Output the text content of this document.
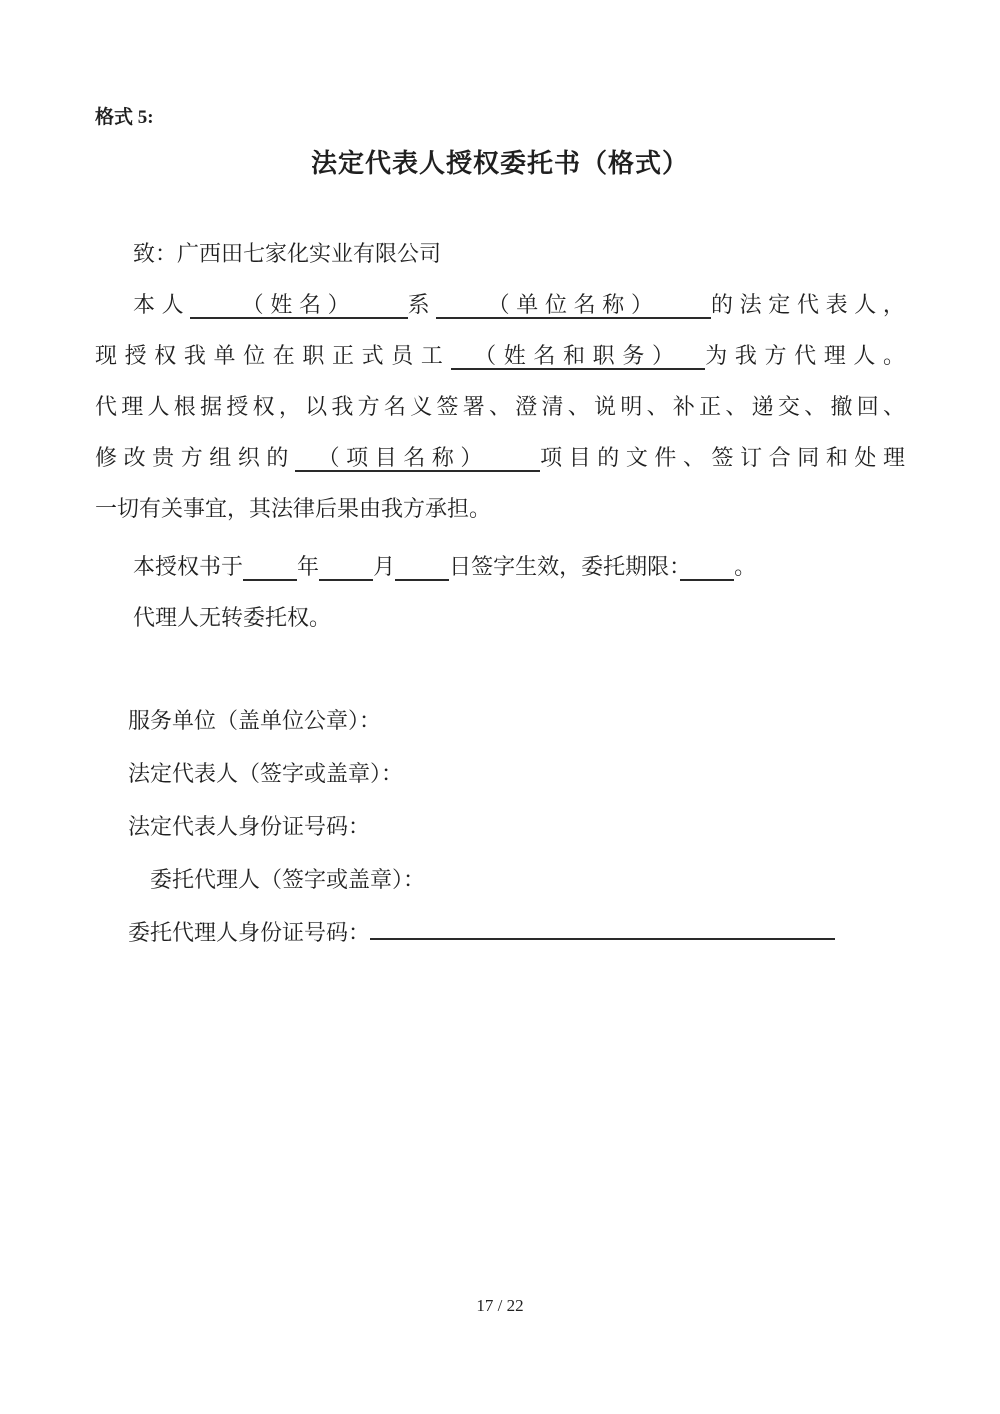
格式 5:
法定代表人授权委托书（格式）
致：广西田七家化实业有限公司
本人　　（姓名）　　系　　（单位名称）　　的法定代表人，
现授权我单位在职正式员工　（姓名和职务）　为我方代理人。
代理人根据授权，以我方名义签署、澄清、说明、补正、递交、撤回、
修改贵方组织的　（项目名称）　　项目的文件、签订合同和处理
一切有关事宜，其法律后果由我方承担。
本授权书于　　 年　　 月　　 日签字生效，委托期限：　　 。
代理人无转委托权。
服务单位（盖单位公章）：
法定代表人（签字或盖章）：
法定代表人身份证号码：
委托代理人（签字或盖章）：
委托代理人身份证号码：
17 / 22
